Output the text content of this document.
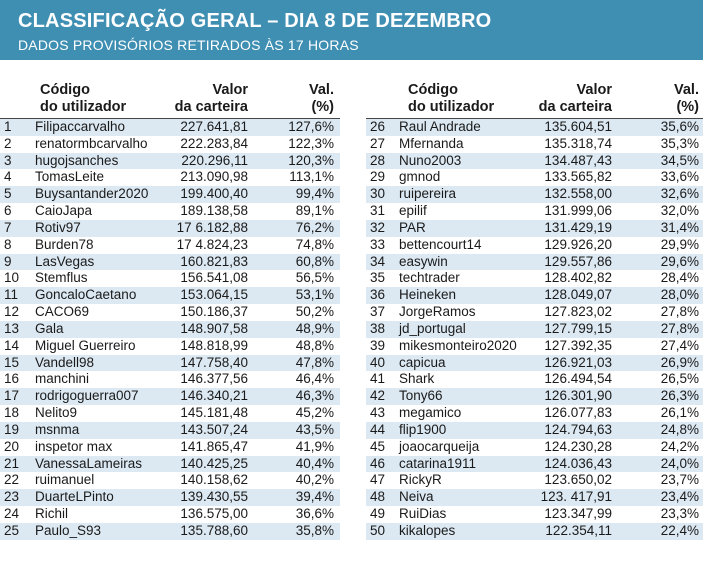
CLASSIFICAÇÃO GERAL – DIA 8 DE DEZEMBRO
DADOS PROVISÓRIOS RETIRADOS ÀS 17 HORAS
Código
do utilizador
Valor
da carteira
Val.
(%)
1 Filipaccarvalho	227.641,81	127,6%
2 renatormbcarvalho 222.283,84	122,3%
3 hugojsanches	220.296,11	120,3%
4 TomasLeite	213.090,98	113,1%
5 Buysantander2020 199.400,40	99,4%
6 CaioJapa	189.138,58	89,1%
7 Rotiv97	17 6.182,88	76,2%
8 Burden78	17 4.824,23	74,8%
9 LasVegas	160.821,83	60,8%
10 Stemflus	156.541,08	56,5%
11 GoncaloCaetano	153.064,15	53,1%
12 CACO69	150.186,37	50,2%
13 Gala	148.907,58	48,9%
14 Miguel Guerreiro	148.818,99	48,8%
15 Vandell98	147.758,40	47,8%
16 manchini	146.377,56	46,4%
17 rodrigoguerra007	146.340,21	46,3%
18 Nelito9	145.181,48	45,2%
19 msnma	143.507,24	43,5%
20 inspetor max	141.865,47	41,9%
21 VanessaLameiras	140.425,25	40,4%
22 ruimanuel	140.158,62	40,2%
23 DuarteLPinto	139.430,55	39,4%
24 Richil	136.575,00	36,6%
25 Paulo_S93	135.788,60	35,8%
Código
do utilizador
Valor
da carteira
Val.
(%)
26 Raul Andrade	135.604,51	35,6%
27 Mfernanda	135.318,74	35,3%
28 Nuno2003	134.487,43	34,5%
29 gmnod	133.565,82	33,6%
30 ruipereira	132.558,00	32,6%
31 epilif	131.999,06	32,0%
32 PAR	131.429,19	31,4%
33 bettencourt14	129.926,20	29,9%
34 easywin	129.557,86	29,6%
35 techtrader	128.402,82	28,4%
36 Heineken	128.049,07	28,0%
37 JorgeRamos	127.823,02	27,8%
38 jd_portugal	127.799,15	27,8%
39 mikesmonteiro2020 127.392,35	27,4%
40 capicua	126.921,03	26,9%
41 Shark	126.494,54	26,5%
42 Tony66	126.301,90	26,3%
43 megamico	126.077,83	26,1%
44 flip1900	124.794,63	24,8%
45 joaocarqueija	124.230,28	24,2%
46 catarina1911	124.036,43	24,0%
47 RickyR	123.650,02	23,7%
48 Neiva	123. 417,91	23,4%
49 RuiDias	123.347,99	23,3%
50 kikalopes	122.354,11	22,4%
